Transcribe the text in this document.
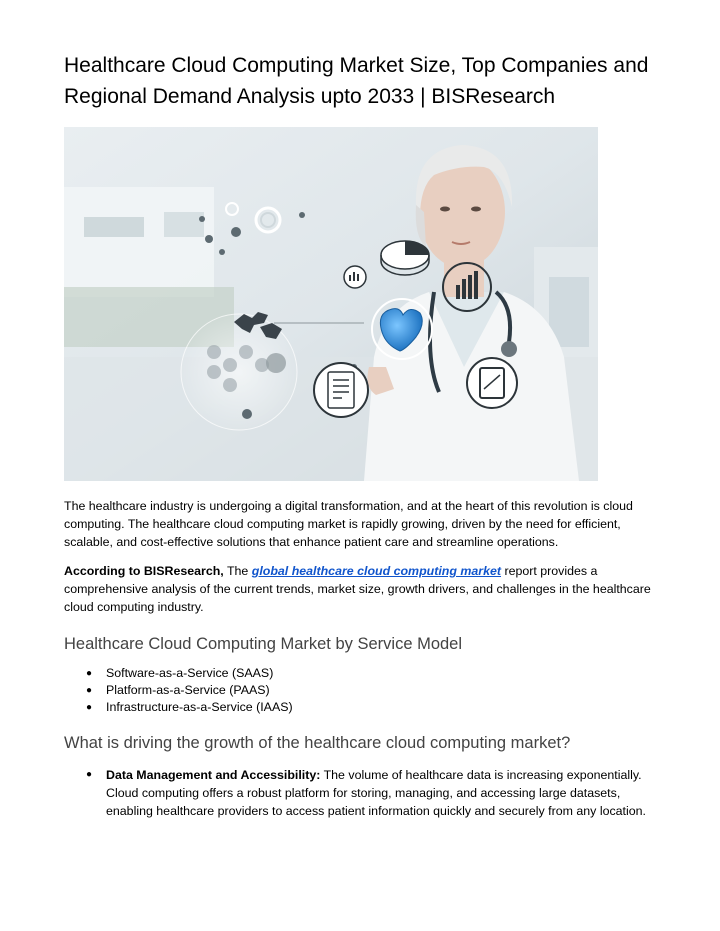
Healthcare Cloud Computing Market Size, Top Companies and Regional Demand Analysis upto 2033 | BISResearch

The healthcare industry is undergoing a digital transformation, and at the heart of this revolution is cloud computing. The healthcare cloud computing market is rapidly growing, driven by the need for efficient, scalable, and cost-effective solutions that enhance patient care and streamline operations.

According to BISResearch, The global healthcare cloud computing market report provides a comprehensive analysis of the current trends, market size, growth drivers, and challenges in the healthcare cloud computing industry.

Healthcare Cloud Computing Market by Service Model
● Software-as-a-Service (SAAS)
● Platform-as-a-Service (PAAS)
● Infrastructure-as-a-Service (IAAS)
What is driving the growth of the healthcare cloud computing market?
● Data Management and Accessibility: The volume of healthcare data is increasing exponentially. Cloud computing offers a robust platform for storing, managing, and accessing large datasets, enabling healthcare providers to access patient information quickly and securely from any location.
